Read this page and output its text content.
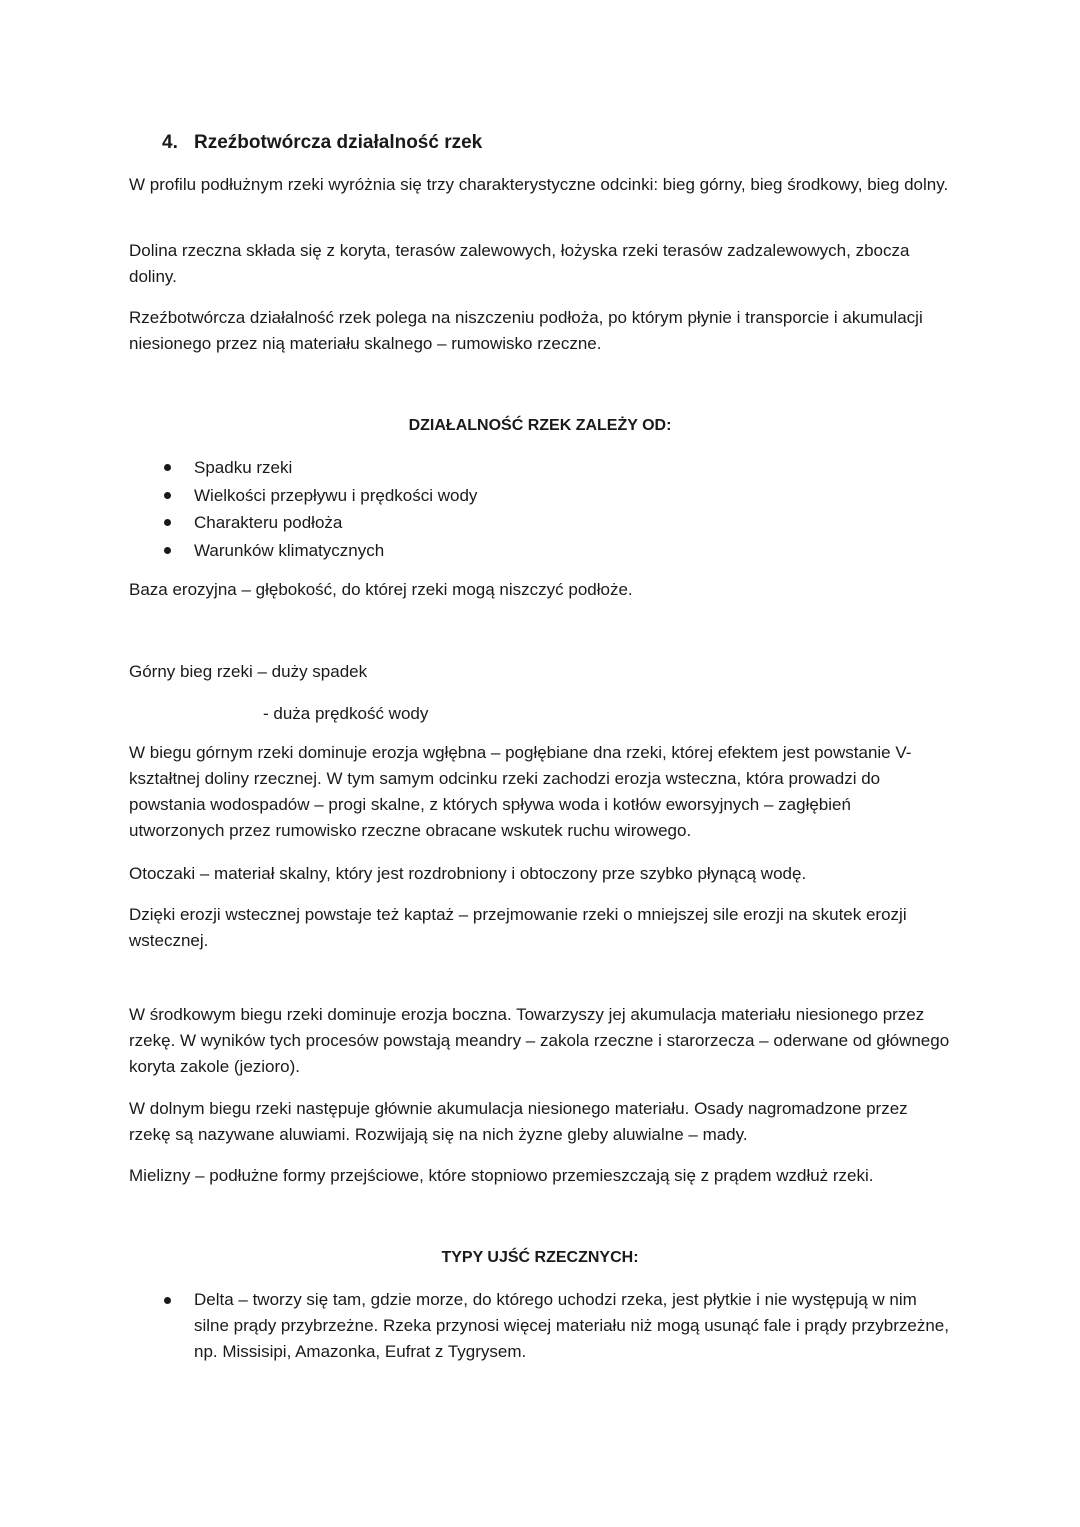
4. Rzeźbotwórcza działalność rzek

W profilu podłużnym rzeki wyróżnia się trzy charakterystyczne odcinki: bieg górny, bieg środkowy, bieg dolny.

Dolina rzeczna składa się z koryta, terasów zalewowych, łożyska rzeki terasów zadzalewowych, zbocza doliny.

Rzeźbotwórcza działalność rzek polega na niszczeniu podłoża, po którym płynie i transporcie i akumulacji niesionego przez nią materiału skalnego – rumowisko rzeczne.

DZIAŁALNOŚĆ RZEK ZALEŻY OD:
Spadku rzeki
Wielkości przepływu i prędkości wody
Charakteru podłoża
Warunków klimatycznych

Baza erozyjna – głębokość, do której rzeki mogą niszczyć podłoże.

Górny bieg rzeki – duży spadek

- duża prędkość wody

W biegu górnym rzeki dominuje erozja wgłębna – pogłębiane dna rzeki, której efektem jest powstanie V-kształtnej doliny rzecznej. W tym samym odcinku rzeki zachodzi erozja wsteczna, która prowadzi do powstania wodospadów – progi skalne, z których spływa woda i kotłów eworsyjnych – zagłębień utworzonych przez rumowisko rzeczne obracane wskutek ruchu wirowego.

Otoczaki – materiał skalny, który jest rozdrobniony i obtoczony prze szybko płynącą wodę.

Dzięki erozji wstecznej powstaje też kaptaż – przejmowanie rzeki o mniejszej sile erozji na skutek erozji wstecznej.

W środkowym biegu rzeki dominuje erozja boczna. Towarzyszy jej akumulacja materiału niesionego przez rzekę. W wyników tych procesów powstają meandry – zakola rzeczne i starorzecza – oderwane od głównego koryta zakole (jezioro).

W dolnym biegu rzeki następuje głównie akumulacja niesionego materiału. Osady nagromadzone przez rzekę są nazywane aluwiami. Rozwijają się na nich żyzne gleby aluwialne – mady.

Mielizny – podłużne formy przejściowe, które stopniowo przemieszczają się z prądem wzdłuż rzeki.

TYPY UJŚĆ RZECZNYCH:
Delta – tworzy się tam, gdzie morze, do którego uchodzi rzeka, jest płytkie i nie występują w nim silne prądy przybrzeżne. Rzeka przynosi więcej materiału niż mogą usunąć fale i prądy przybrzeżne, np. Missisipi, Amazonka, Eufrat z Tygrysem.
